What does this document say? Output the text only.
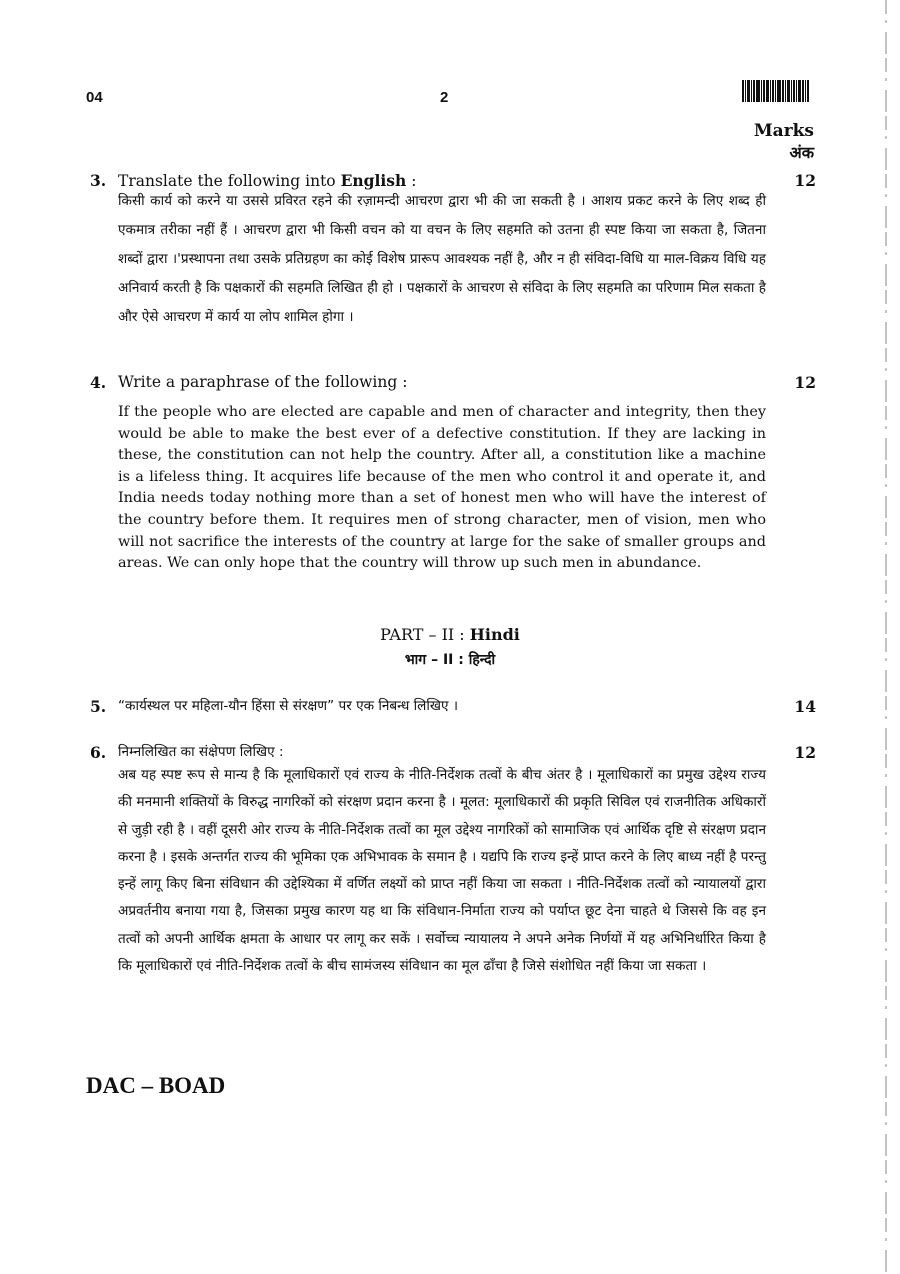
04	2
Marks
अंक
3. Translate the following into English :	12
किसी कार्य को करने या उससे प्रविरत रहने की रज़ामन्दी आचरण द्वारा भी की जा सकती है । आशय प्रकट करने के लिए शब्द ही एकमात्र तरीका नहीं हैं । आचरण द्वारा भी किसी वचन को या वचन के लिए सहमति को उतना ही स्पष्ट किया जा सकता है, जितना शब्दों द्वारा ।'प्रस्थापना तथा उसके प्रतिग्रहण का कोई विशेष प्रारूप आवश्यक नहीं है, और न ही संविदा-विधि या माल-विक्रय विधि यह अनिवार्य करती है कि पक्षकारों की सहमति लिखित ही हो । पक्षकारों के आचरण से संविदा के लिए सहमति का परिणाम मिल सकता है और ऐसे आचरण में कार्य या लोप शामिल होगा ।
4. Write a paraphrase of the following :	12
If the people who are elected are capable and men of character and integrity, then they would be able to make the best ever of a defective constitution. If they are lacking in these, the constitution can not help the country. After all, a constitution like a machine is a lifeless thing. It acquires life because of the men who control it and operate it, and India needs today nothing more than a set of honest men who will have the interest of the country before them. It requires men of strong character, men of vision, men who will not sacrifice the interests of the country at large for the sake of smaller groups and areas. We can only hope that the country will throw up such men in abundance.
PART – II : Hindi
भाग – II : हिन्दी
5. “कार्यस्थल पर महिला-यौन हिंसा से संरक्षण” पर एक निबन्ध लिखिए ।	14
6. निम्नलिखित का संक्षेपण लिखिए :	12
अब यह स्पष्ट रूप से मान्य है कि मूलाधिकारों एवं राज्य के नीति-निर्देशक तत्वों के बीच अंतर है । मूलाधिकारों का प्रमुख उद्देश्य राज्य की मनमानी शक्तियों के विरुद्ध नागरिकों को संरक्षण प्रदान करना है । मूलत: मूलाधिकारों की प्रकृति सिविल एवं राजनीतिक अधिकारों से जुड़ी रही है । वहीं दूसरी ओर राज्य के नीति-निर्देशक तत्वों का मूल उद्देश्य नागरिकों को सामाजिक एवं आर्थिक दृष्टि से संरक्षण प्रदान करना है । इसके अन्तर्गत राज्य की भूमिका एक अभिभावक के समान है । यद्यपि कि राज्य इन्हें प्राप्त करने के लिए बाध्य नहीं है परन्तु इन्हें लागू किए बिना संविधान की उद्देश्यिका में वर्णित लक्ष्यों को प्राप्त नहीं किया जा सकता । नीति-निर्देशक तत्वों को न्यायालयों द्वारा अप्रवर्तनीय बनाया गया है, जिसका प्रमुख कारण यह था कि संविधान-निर्माता राज्य को पर्याप्त छूट देना चाहते थे जिससे कि वह इन तत्वों को अपनी आर्थिक क्षमता के आधार पर लागू कर सकें । सर्वोच्च न्यायालय ने अपने अनेक निर्णयों में यह अभिनिर्धारित किया है कि मूलाधिकारों एवं नीति-निर्देशक तत्वों के बीच सामंजस्य संविधान का मूल ढाँचा है जिसे संशोधित नहीं किया जा सकता ।
DAC – BOAD
